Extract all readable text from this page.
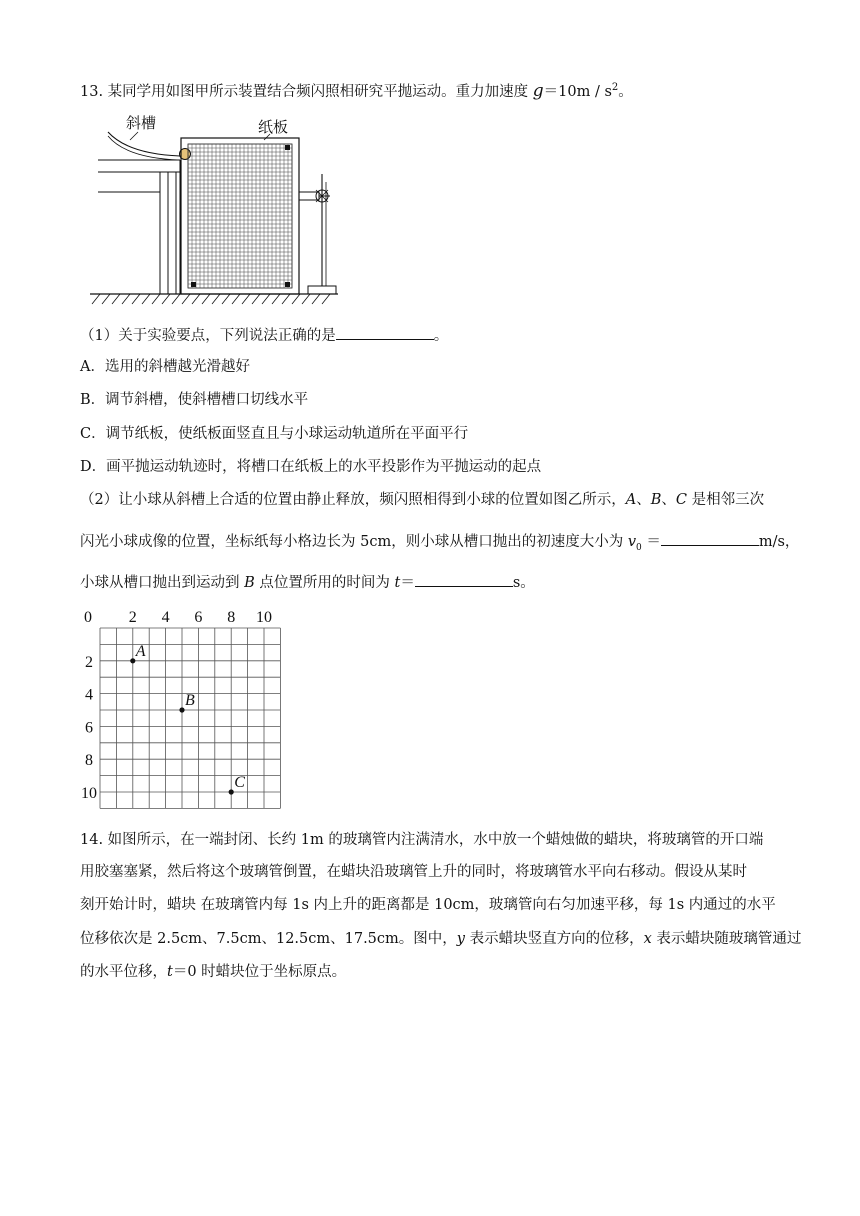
13. 某同学用如图甲所示装置结合频闪照相研究平抛运动。重力加速度 $g=10m / s^2$。
斜槽	纸板
（1）关于实验要点，下列说法正确的是	。
A．选用的斜槽越光滑越好
B．调节斜槽，使斜槽槽口切线水平
C．调节纸板，使纸板面竖直且与小球运动轨道所在平面平行
D．画平抛运动轨迹时，将槽口在纸板上的水平投影作为平抛运动的起点
（2）让小球从斜槽上合适的位置由静止释放，频闪照相得到小球的位置如图乙所示，A、B、C 是相邻三次
闪光小球成像的位置，坐标纸每小格边长为 5cm，则小球从槽口抛出的初速度大小为 $v_0$ ＝	m/s，
小球从槽口抛出到运动到 B 点位置所用的时间为 t＝	s。
0 2 4 6 8 10
2
4
6
8
10
A
B
C
14. 如图所示，在一端封闭、长约 1m 的玻璃管内注满清水，水中放一个蜡烛做的蜡块，将玻璃管的开口端
用胶塞塞紧，然后将这个玻璃管倒置，在蜡块沿玻璃管上升的同时，将玻璃管水平向右移动。假设从某时
刻开始计时，蜡块 在玻璃管内每 1s 内上升的距离都是 10cm，玻璃管向右匀加速平移，每 1s 内通过的水平
位移依次是 2.5cm、7.5cm、12.5cm、17.5cm。图中，y 表示蜡块竖直方向的位移，x 表示蜡块随玻璃管通过
的水平位移，t＝0 时蜡块位于坐标原点。
